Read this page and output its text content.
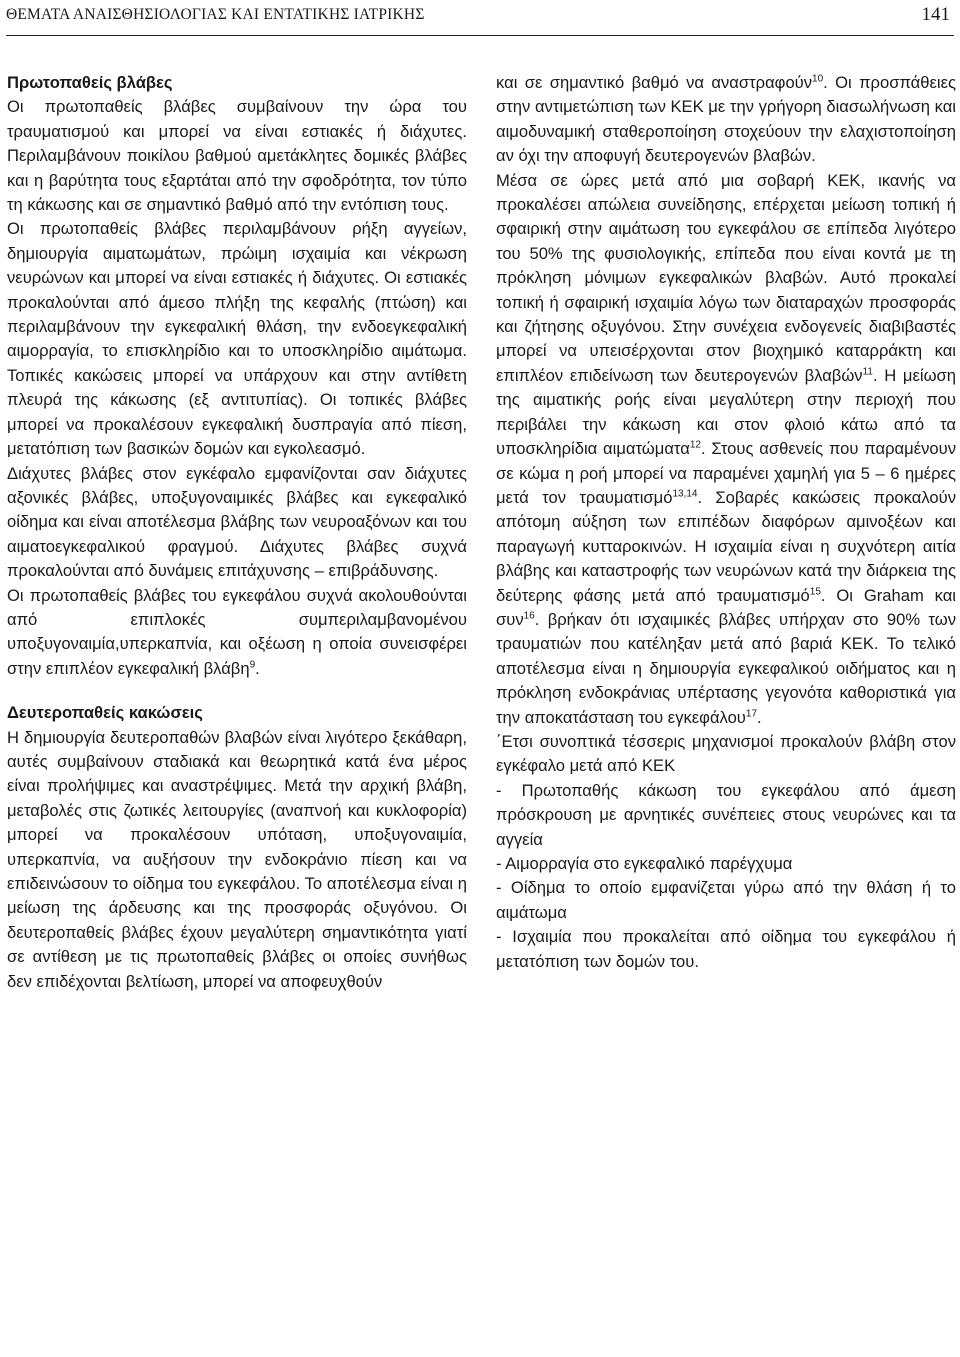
ΘΕΜΑΤΑ ΑΝΑΙΣΘΗΣΙΟΛΟΓΙΑΣ ΚΑΙ ΕΝΤΑΤΙΚΗΣ ΙΑΤΡΙΚΗΣ	141
Πρωτοπαθείς βλάβες

Οι πρωτοπαθείς βλάβες συμβαίνουν την ώρα του τραυματισμού και μπορεί να είναι εστιακές ή διάχυτες. Περιλαμβάνουν ποικίλου βαθμού αμετάκλητες δομικές βλάβες και η βαρύτητα τους εξαρτάται από την σφοδρότητα, τον τύπο τη κάκωσης και σε σημαντικό βαθμό από την εντόπιση τους.

Οι πρωτοπαθείς βλάβες περιλαμβάνουν ρήξη αγγείων, δημιουργία αιματωμάτων, πρώιμη ισχαιμία και νέκρωση νευρώνων και μπορεί να είναι εστιακές ή διάχυτες. Οι εστιακές προκαλούνται από άμεσο πλήξη της κεφαλής (πτώση) και περιλαμβάνουν την εγκεφαλική θλάση, την ενδοεγκεφαλική αιμορραγία, το επισκληρίδιο και το υποσκληρίδιο αιμάτωμα. Τοπικές κακώσεις μπορεί να υπάρχουν και στην αντίθετη πλευρά της κάκωσης (εξ αντιτυπίας). Οι τοπικές βλάβες μπορεί να προκαλέσουν εγκεφαλική δυσπραγία από πίεση, μετατόπιση των βασικών δομών και εγκολεασμό.

Διάχυτες βλάβες στον εγκέφαλο εμφανίζονται σαν διάχυτες αξονικές βλάβες, υποξυγοναιμικές βλάβες και εγκεφαλικό οίδημα και είναι αποτέλεσμα βλάβης των νευροαξόνων και του αιματοεγκεφαλικού φραγμού. Διάχυτες βλάβες συχνά προκαλούνται από δυνάμεις επιτάχυνσης – επιβράδυνσης.

Οι πρωτοπαθείς βλάβες του εγκεφάλου συχνά ακολουθούνται από επιπλοκές συμπεριλαμβανομένου υποξυγοναιμία,υπερκαπνία, και οξέωση η οποία συνεισφέρει στην επιπλέον εγκεφαλική βλάβη$^9$.

Δευτεροπαθείς κακώσεις

Η δημιουργία δευτεροπαθών βλαβών είναι λιγότερο ξεκάθαρη, αυτές συμβαίνουν σταδιακά και θεωρητικά κατά ένα μέρος είναι προλήψιμες και αναστρέψιμες. Μετά την αρχική βλάβη, μεταβολές στις ζωτικές λειτουργίες (αναπνοή και κυκλοφορία) μπορεί να προκαλέσουν υπόταση, υποξυγοναιμία, υπερκαπνία, να αυξήσουν την ενδοκράνιο πίεση και να επιδεινώσουν το οίδημα του εγκεφάλου. Το αποτέλεσμα είναι η μείωση της άρδευσης και της προσφοράς οξυγόνου. Οι δευτεροπαθείς βλάβες έχουν μεγαλύτερη σημαντικότητα γιατί σε αντίθεση με τις πρωτοπαθείς βλάβες οι οποίες συνήθως δεν επιδέχονται βελτίωση, μπορεί να αποφευχθούν

και σε σημαντικό βαθμό να αναστραφούν$^{10}$. Οι προσπάθειες στην αντιμετώπιση των ΚΕΚ με την γρήγορη διασωλήνωση και αιμοδυναμική σταθεροποίηση στοχεύουν την ελαχιστοποίηση αν όχι την αποφυγή δευτερογενών βλαβών.

Μέσα σε ώρες μετά από μια σοβαρή ΚΕΚ, ικανής να προκαλέσει απώλεια συνείδησης, επέρχεται μείωση τοπική ή σφαιρική στην αιμάτωση του εγκεφάλου σε επίπεδα λιγότερο του 50% της φυσιολογικής, επίπεδα που είναι κοντά με τη πρόκληση μόνιμων εγκεφαλικών βλαβών. Αυτό προκαλεί τοπική ή σφαιρική ισχαιμία λόγω των διαταραχών προσφοράς και ζήτησης οξυγόνου. Στην συνέχεια ενδογενείς διαβιβαστές μπορεί να υπεισέρχονται στον βιοχημικό καταρράκτη και επιπλέον επιδείνωση των δευτερογενών βλαβών$^{11}$. Η μείωση της αιματικής ροής είναι μεγαλύτερη στην περιοχή που περιβάλει την κάκωση και στον φλοιό κάτω από τα υποσκληρίδια αιματώματα$^{12}$. Στους ασθενείς που παραμένουν σε κώμα η ροή μπορεί να παραμένει χαμηλή για 5 – 6 ημέρες μετά τον τραυματισμό$^{13,14}$. Σοβαρές κακώσεις προκαλούν απότομη αύξηση των επιπέδων διαφόρων αμινοξέων και παραγωγή κυτταροκινών. Η ισχαιμία είναι η συχνότερη αιτία βλάβης και καταστροφής των νευρώνων κατά την διάρκεια της δεύτερης φάσης μετά από τραυματισμό$^{15}$. Οι Graham και συν$^{16}$. βρήκαν ότι ισχαιμικές βλάβες υπήρχαν στο 90% των τραυματιών που κατέληξαν μετά από βαριά ΚΕΚ. Το τελικό αποτέλεσμα είναι η δημιουργία εγκεφαλικού οιδήματος και η πρόκληση ενδοκράνιας υπέρτασης γεγονότα καθοριστικά για την αποκατάσταση του εγκεφάλου$^{17}$.

΄Ετσι συνοπτικά τέσσερις μηχανισμοί προκαλούν βλάβη στον εγκέφαλο μετά από ΚΕΚ

- Πρωτοπαθής κάκωση του εγκεφάλου από άμεση πρόσκρουση με αρνητικές συνέπειες στους νευρώνες και τα αγγεία

- Αιμορραγία στο εγκεφαλικό παρέγχυμα

- Οίδημα το οποίο εμφανίζεται γύρω από την θλάση ή το αιμάτωμα

- Ισχαιμία που προκαλείται από οίδημα του εγκεφάλου ή μετατόπιση των δομών του.
